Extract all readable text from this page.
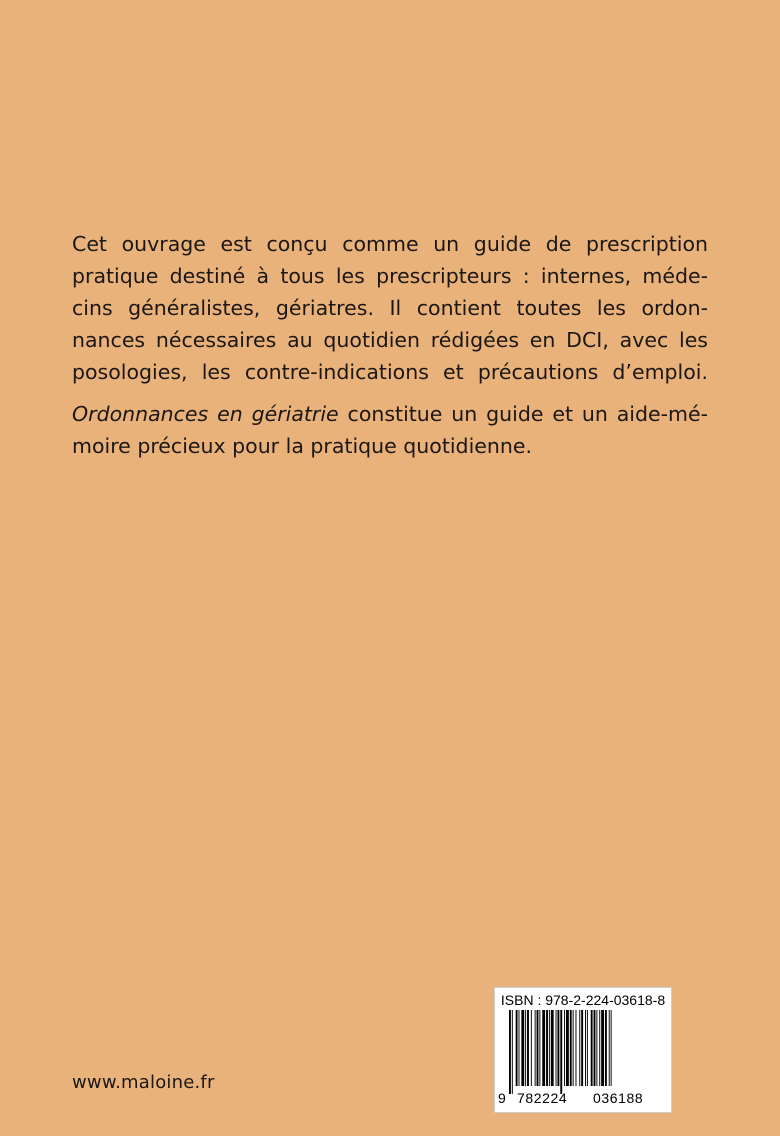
Cet ouvrage est conçu comme un guide de prescription
pratique destiné à tous les prescripteurs : internes, méde-
cins généralistes, gériatres. Il contient toutes les ordon-
nances nécessaires au quotidien rédigées en DCI, avec les
posologies, les contre-indications et précautions d’emploi.
Ordonnances en gériatrie constitue un guide et un aide-mé-
moire précieux pour la pratique quotidienne.
www.maloine.fr
ISBN : 978-2-224-03618-8
9 782224 036188
